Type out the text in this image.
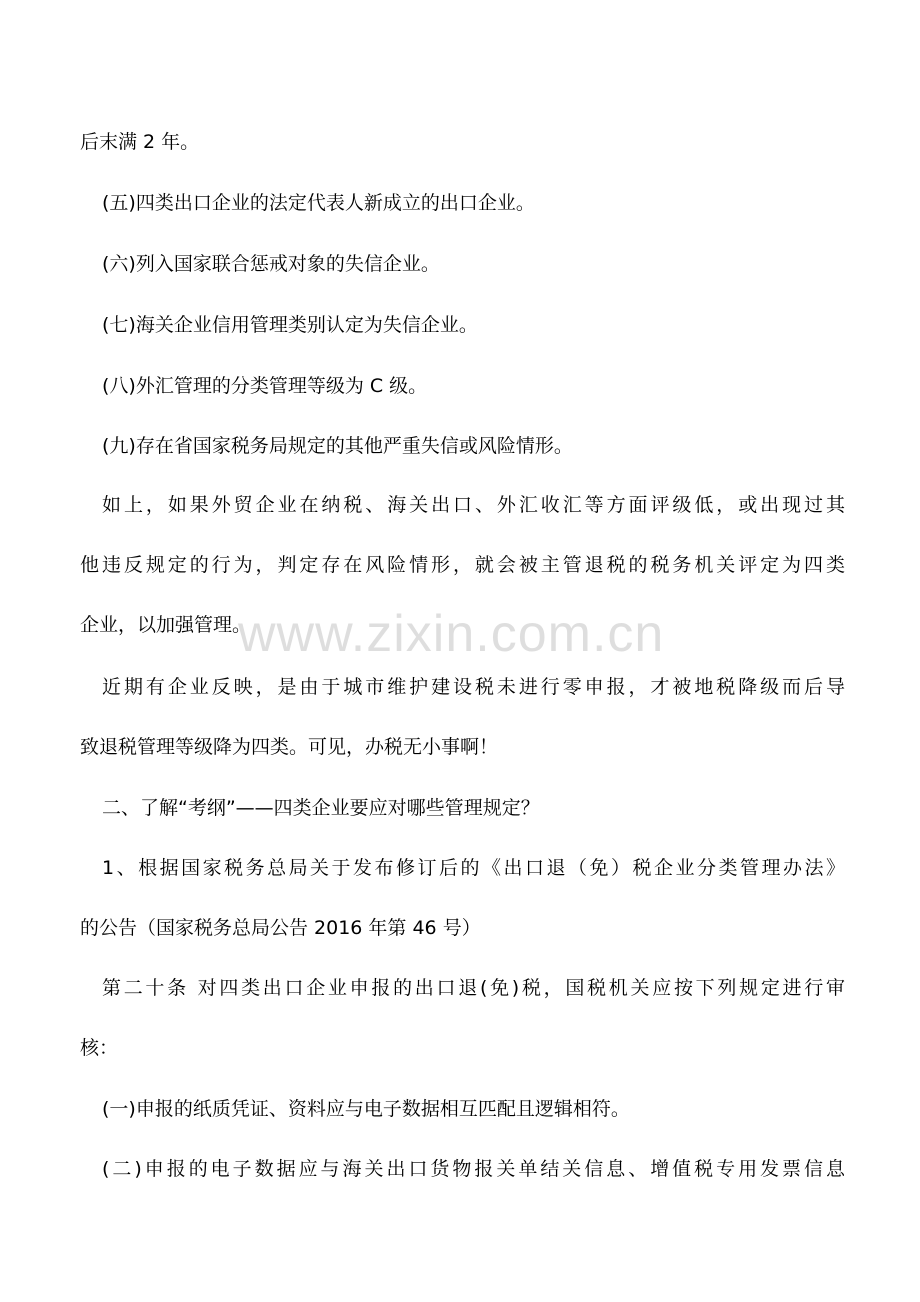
后末满 2 年。
(五)四类出口企业的法定代表人新成立的出口企业。
(六)列入国家联合惩戒对象的失信企业。
(七)海关企业信用管理类别认定为失信企业。
(八)外汇管理的分类管理等级为 C 级。
(九)存在省国家税务局规定的其他严重失信或风险情形。
如上，如果外贸企业在纳税、海关出口、外汇收汇等方面评级低，或出现过其
他违反规定的行为，判定存在风险情形，就会被主管退税的税务机关评定为四类
企业，以加强管理。
近期有企业反映，是由于城市维护建设税未进行零申报，才被地税降级而后导
致退税管理等级降为四类。可见，办税无小事啊！
二、了解“考纲”——四类企业要应对哪些管理规定？
1、根据国家税务总局关于发布修订后的《出口退（免）税企业分类管理办法》
的公告（国家税务总局公告 2016 年第 46 号）
第二十条 对四类出口企业申报的出口退(免)税，国税机关应按下列规定进行审
核：
(一)申报的纸质凭证、资料应与电子数据相互匹配且逻辑相符。
(二)申报的电子数据应与海关出口货物报关单结关信息、增值税专用发票信息
www.zixin.com.cn
